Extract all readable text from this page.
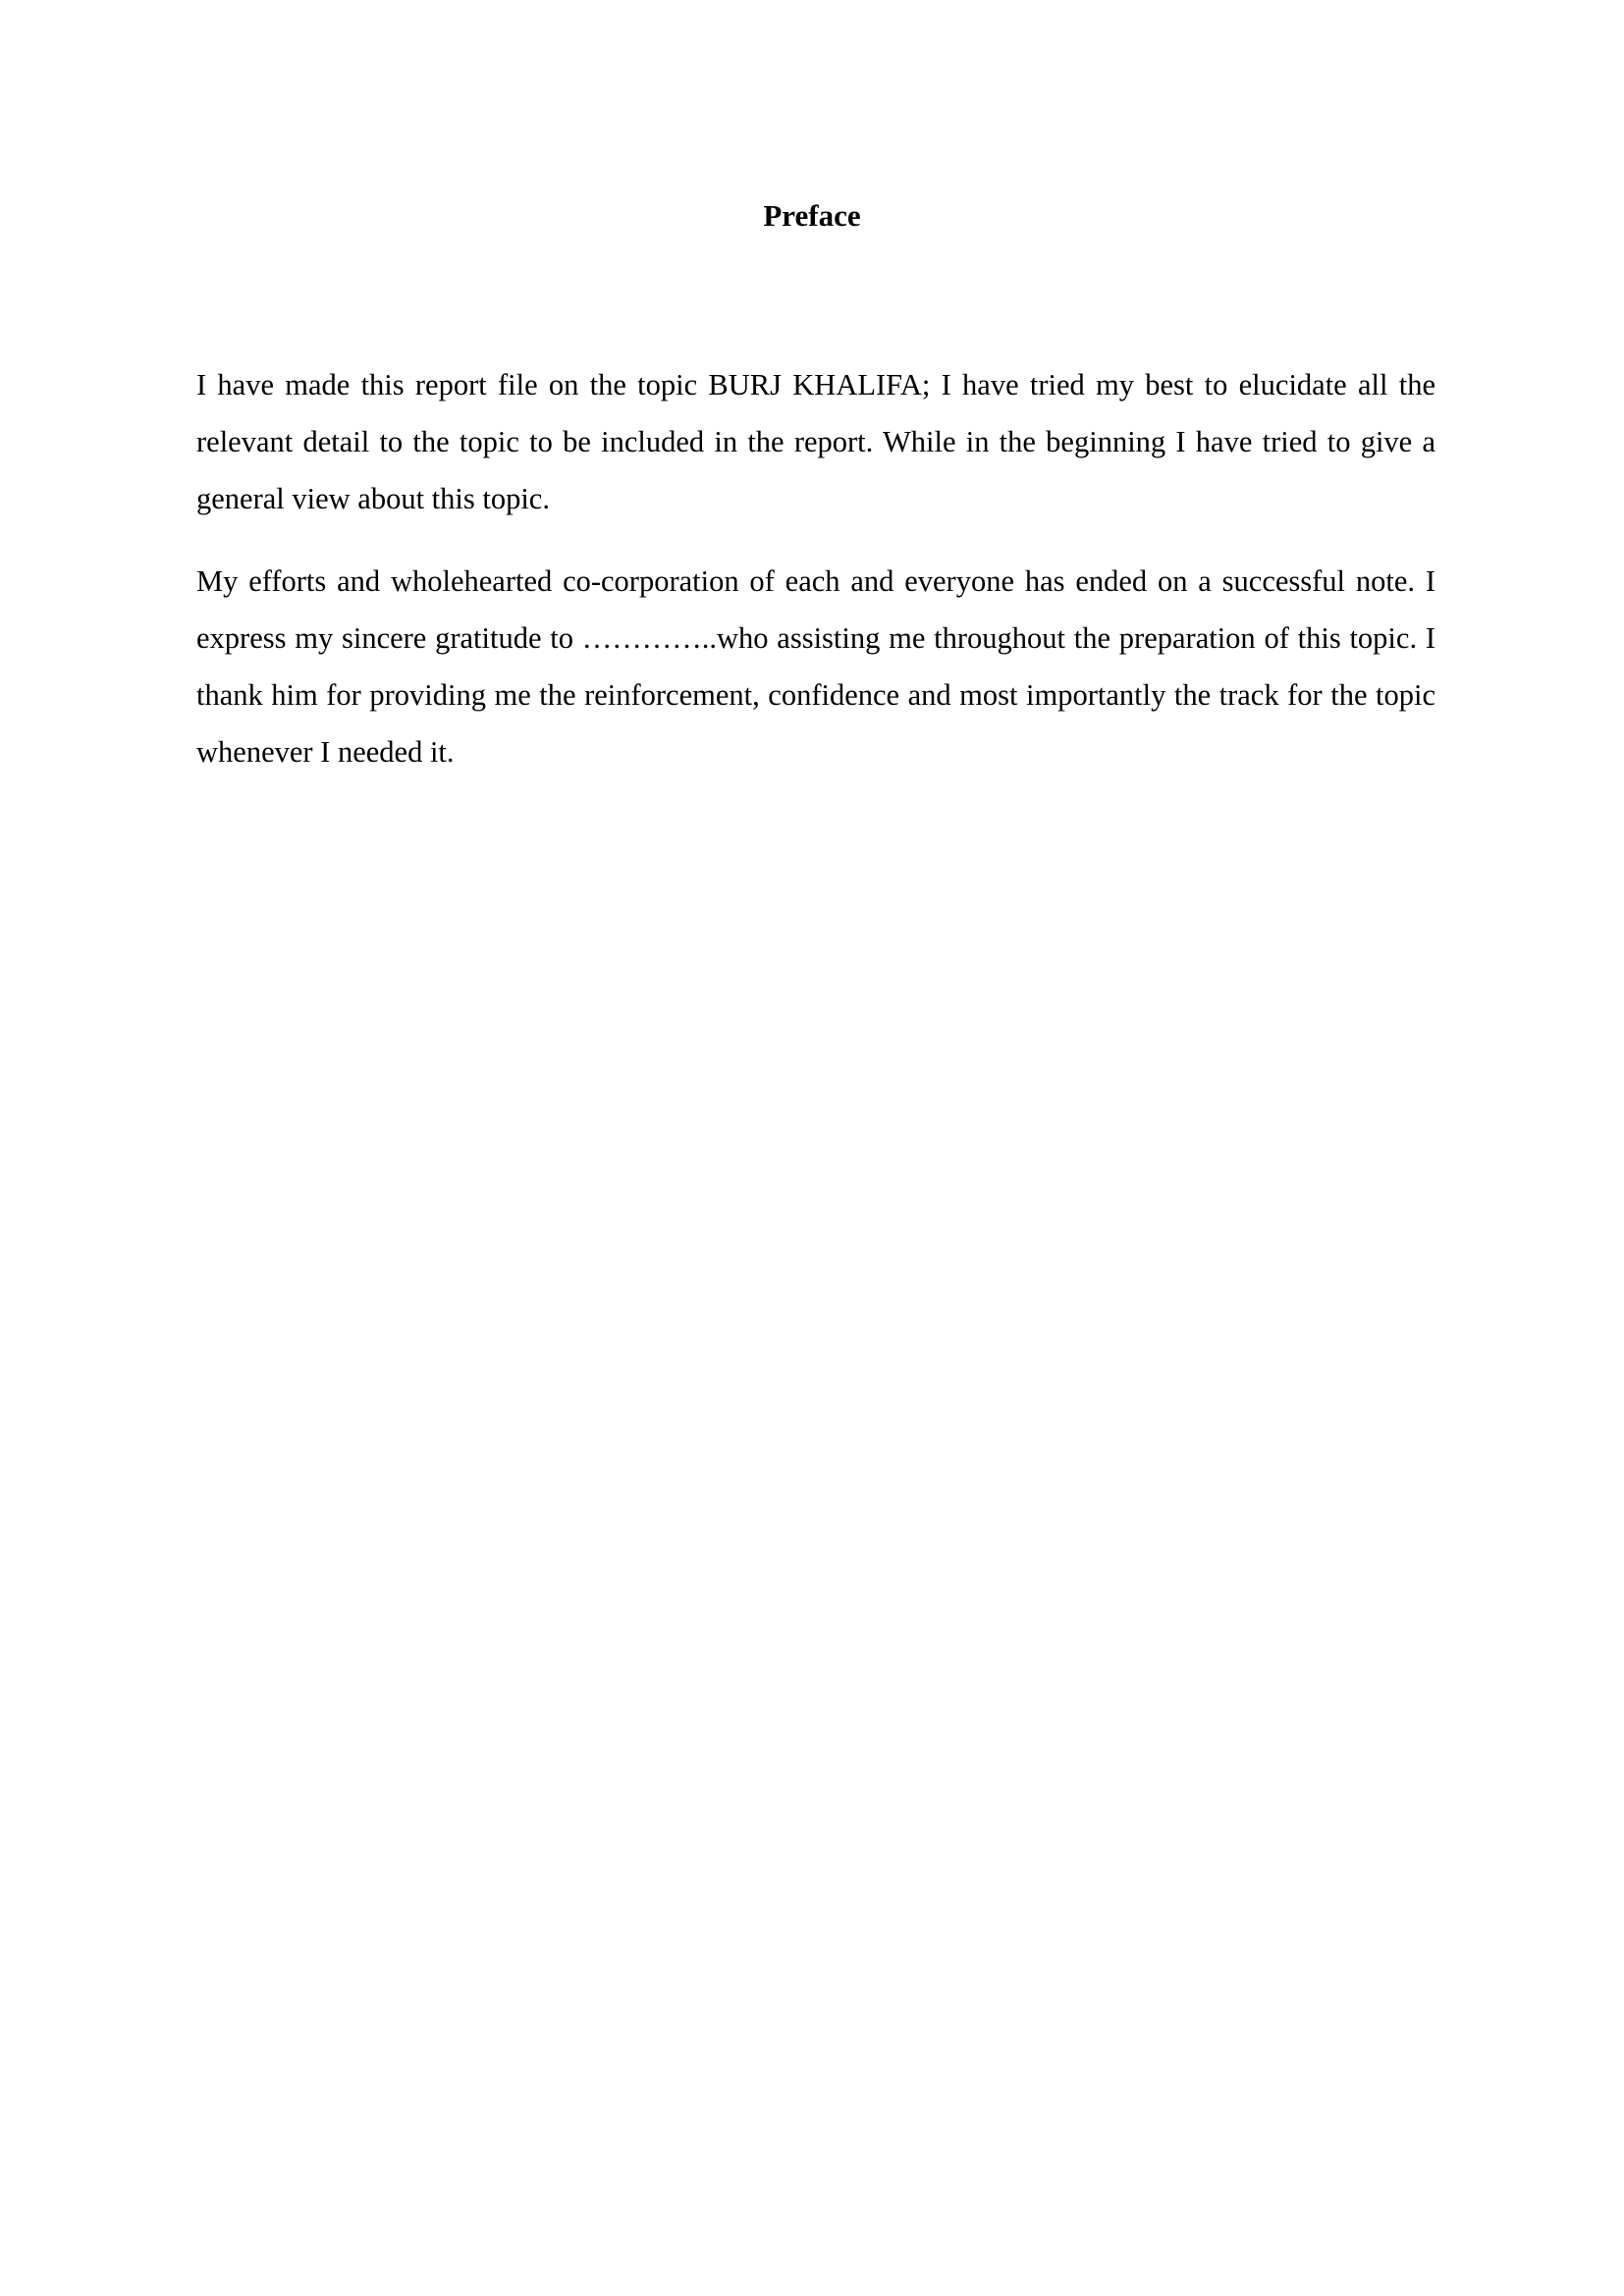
Preface

I have made this report file on the topic BURJ KHALIFA; I have tried my best to elucidate all the relevant detail to the topic to be included in the report. While in the beginning I have tried to give a general view about this topic.

My efforts and wholehearted co-corporation of each and everyone has ended on a successful note. I express my sincere gratitude to …………..who assisting me throughout the preparation of this topic. I thank him for providing me the reinforcement, confidence and most importantly the track for the topic whenever I needed it.
